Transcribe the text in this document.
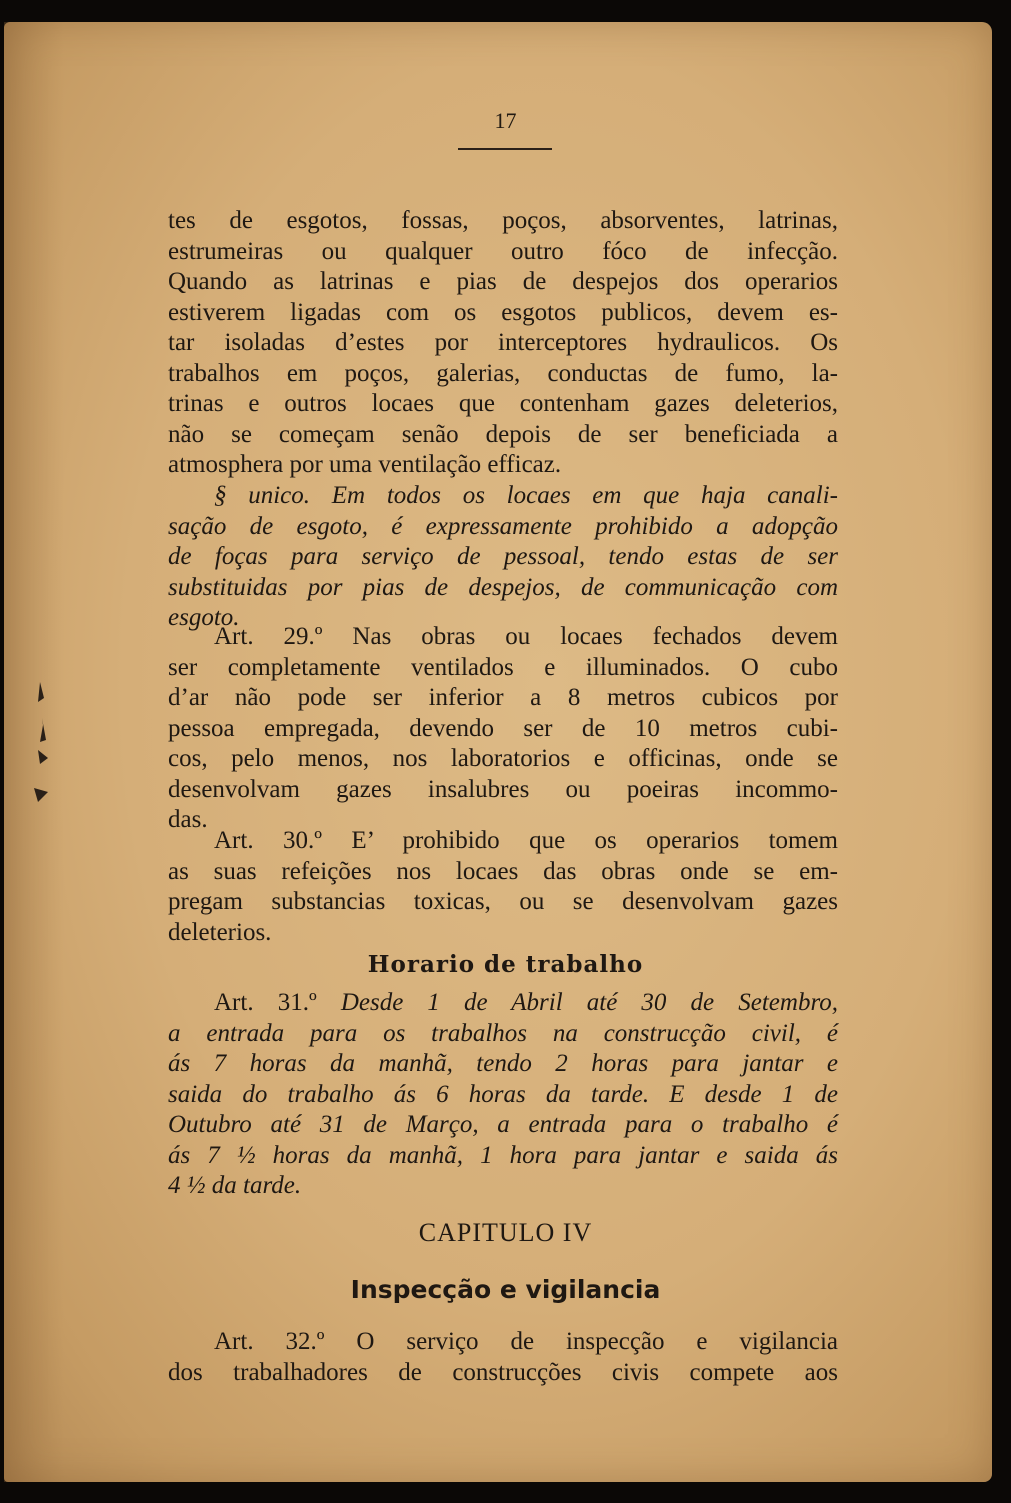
17
tes de esgotos, fossas, poços, absorventes, latrinas,
estrumeiras ou qualquer outro fóco de infecção.
Quando as latrinas e pias de despejos dos operarios
estiverem ligadas com os esgotos publicos, devem es-
tar isoladas d’estes por interceptores hydraulicos. Os
trabalhos em poços, galerias, conductas de fumo, la-
trinas e outros locaes que contenham gazes deleterios,
não se começam senão depois de ser beneficiada a
atmosphera por uma ventilação efficaz.
§ unico. Em todos os locaes em que haja canali-
sação de esgoto, é expressamente prohibido a adopção
de foças para serviço de pessoal, tendo estas de ser
substituidas por pias de despejos, de communicação com
esgoto.
Art. 29.º Nas obras ou locaes fechados devem
ser completamente ventilados e illuminados. O cubo
d’ar não pode ser inferior a 8 metros cubicos por
pessoa empregada, devendo ser de 10 metros cubi-
cos, pelo menos, nos laboratorios e officinas, onde se
desenvolvam gazes insalubres ou poeiras incommo-
das.
Art. 30.º E’ prohibido que os operarios tomem
as suas refeições nos locaes das obras onde se em-
pregam substancias toxicas, ou se desenvolvam gazes
deleterios.
Horario de trabalho
Art. 31.º Desde 1 de Abril até 30 de Setembro,
a entrada para os trabalhos na construcção civil, é
ás 7 horas da manhã, tendo 2 horas para jantar e
saida do trabalho ás 6 horas da tarde. E desde 1 de
Outubro até 31 de Março, a entrada para o trabalho é
ás 7 ½ horas da manhã, 1 hora para jantar e saida ás
4 ½ da tarde.
CAPITULO IV
Inspecção e vigilancia
Art. 32.º O serviço de inspecção e vigilancia
dos trabalhadores de construcções civis compete aos
